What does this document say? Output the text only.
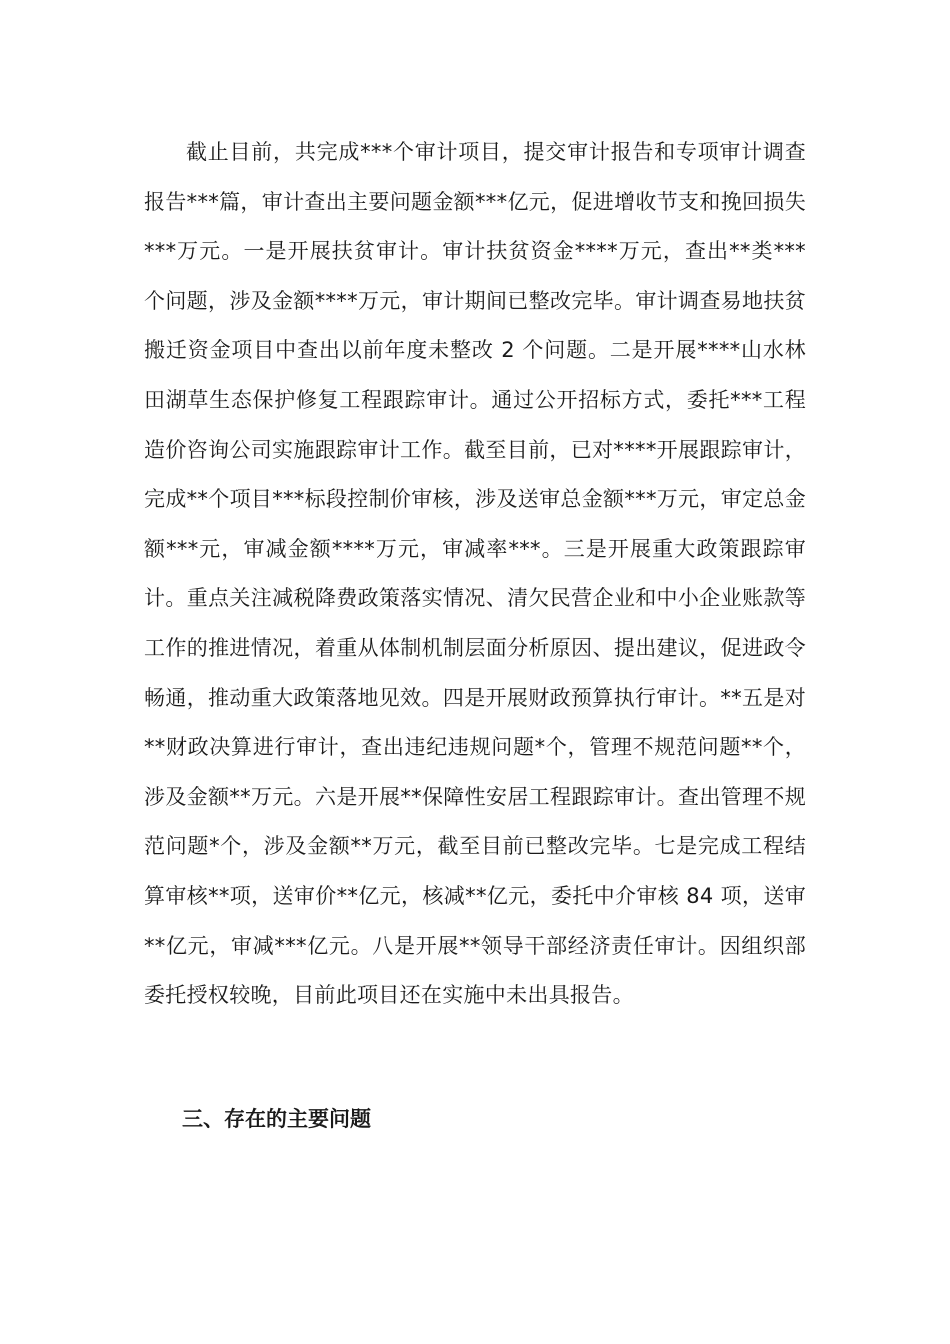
截止目前，共完成***个审计项目，提交审计报告和专项审计调查报告***篇，审计查出主要问题金额***亿元，促进增收节支和挽回损失***万元。一是开展扶贫审计。审计扶贫资金****万元，查出**类***个问题，涉及金额****万元，审计期间已整改完毕。审计调查易地扶贫搬迁资金项目中查出以前年度未整改 2 个问题。二是开展****山水林田湖草生态保护修复工程跟踪审计。通过公开招标方式，委托***工程造价咨询公司实施跟踪审计工作。截至目前，已对****开展跟踪审计，完成**个项目***标段控制价审核，涉及送审总金额***万元，审定总金额***元，审减金额****万元，审减率***。三是开展重大政策跟踪审计。重点关注减税降费政策落实情况、清欠民营企业和中小企业账款等工作的推进情况，着重从体制机制层面分析原因、提出建议，促进政令畅通，推动重大政策落地见效。四是开展财政预算执行审计。**五是对**财政决算进行审计，查出违纪违规问题*个，管理不规范问题**个，涉及金额**万元。六是开展**保障性安居工程跟踪审计。查出管理不规范问题*个，涉及金额**万元，截至目前已整改完毕。七是完成工程结算审核**项，送审价**亿元，核减**亿元，委托中介审核 84 项，送审**亿元，审减***亿元。八是开展**领导干部经济责任审计。因组织部委托授权较晚，目前此项目还在实施中未出具报告。

三、存在的主要问题
